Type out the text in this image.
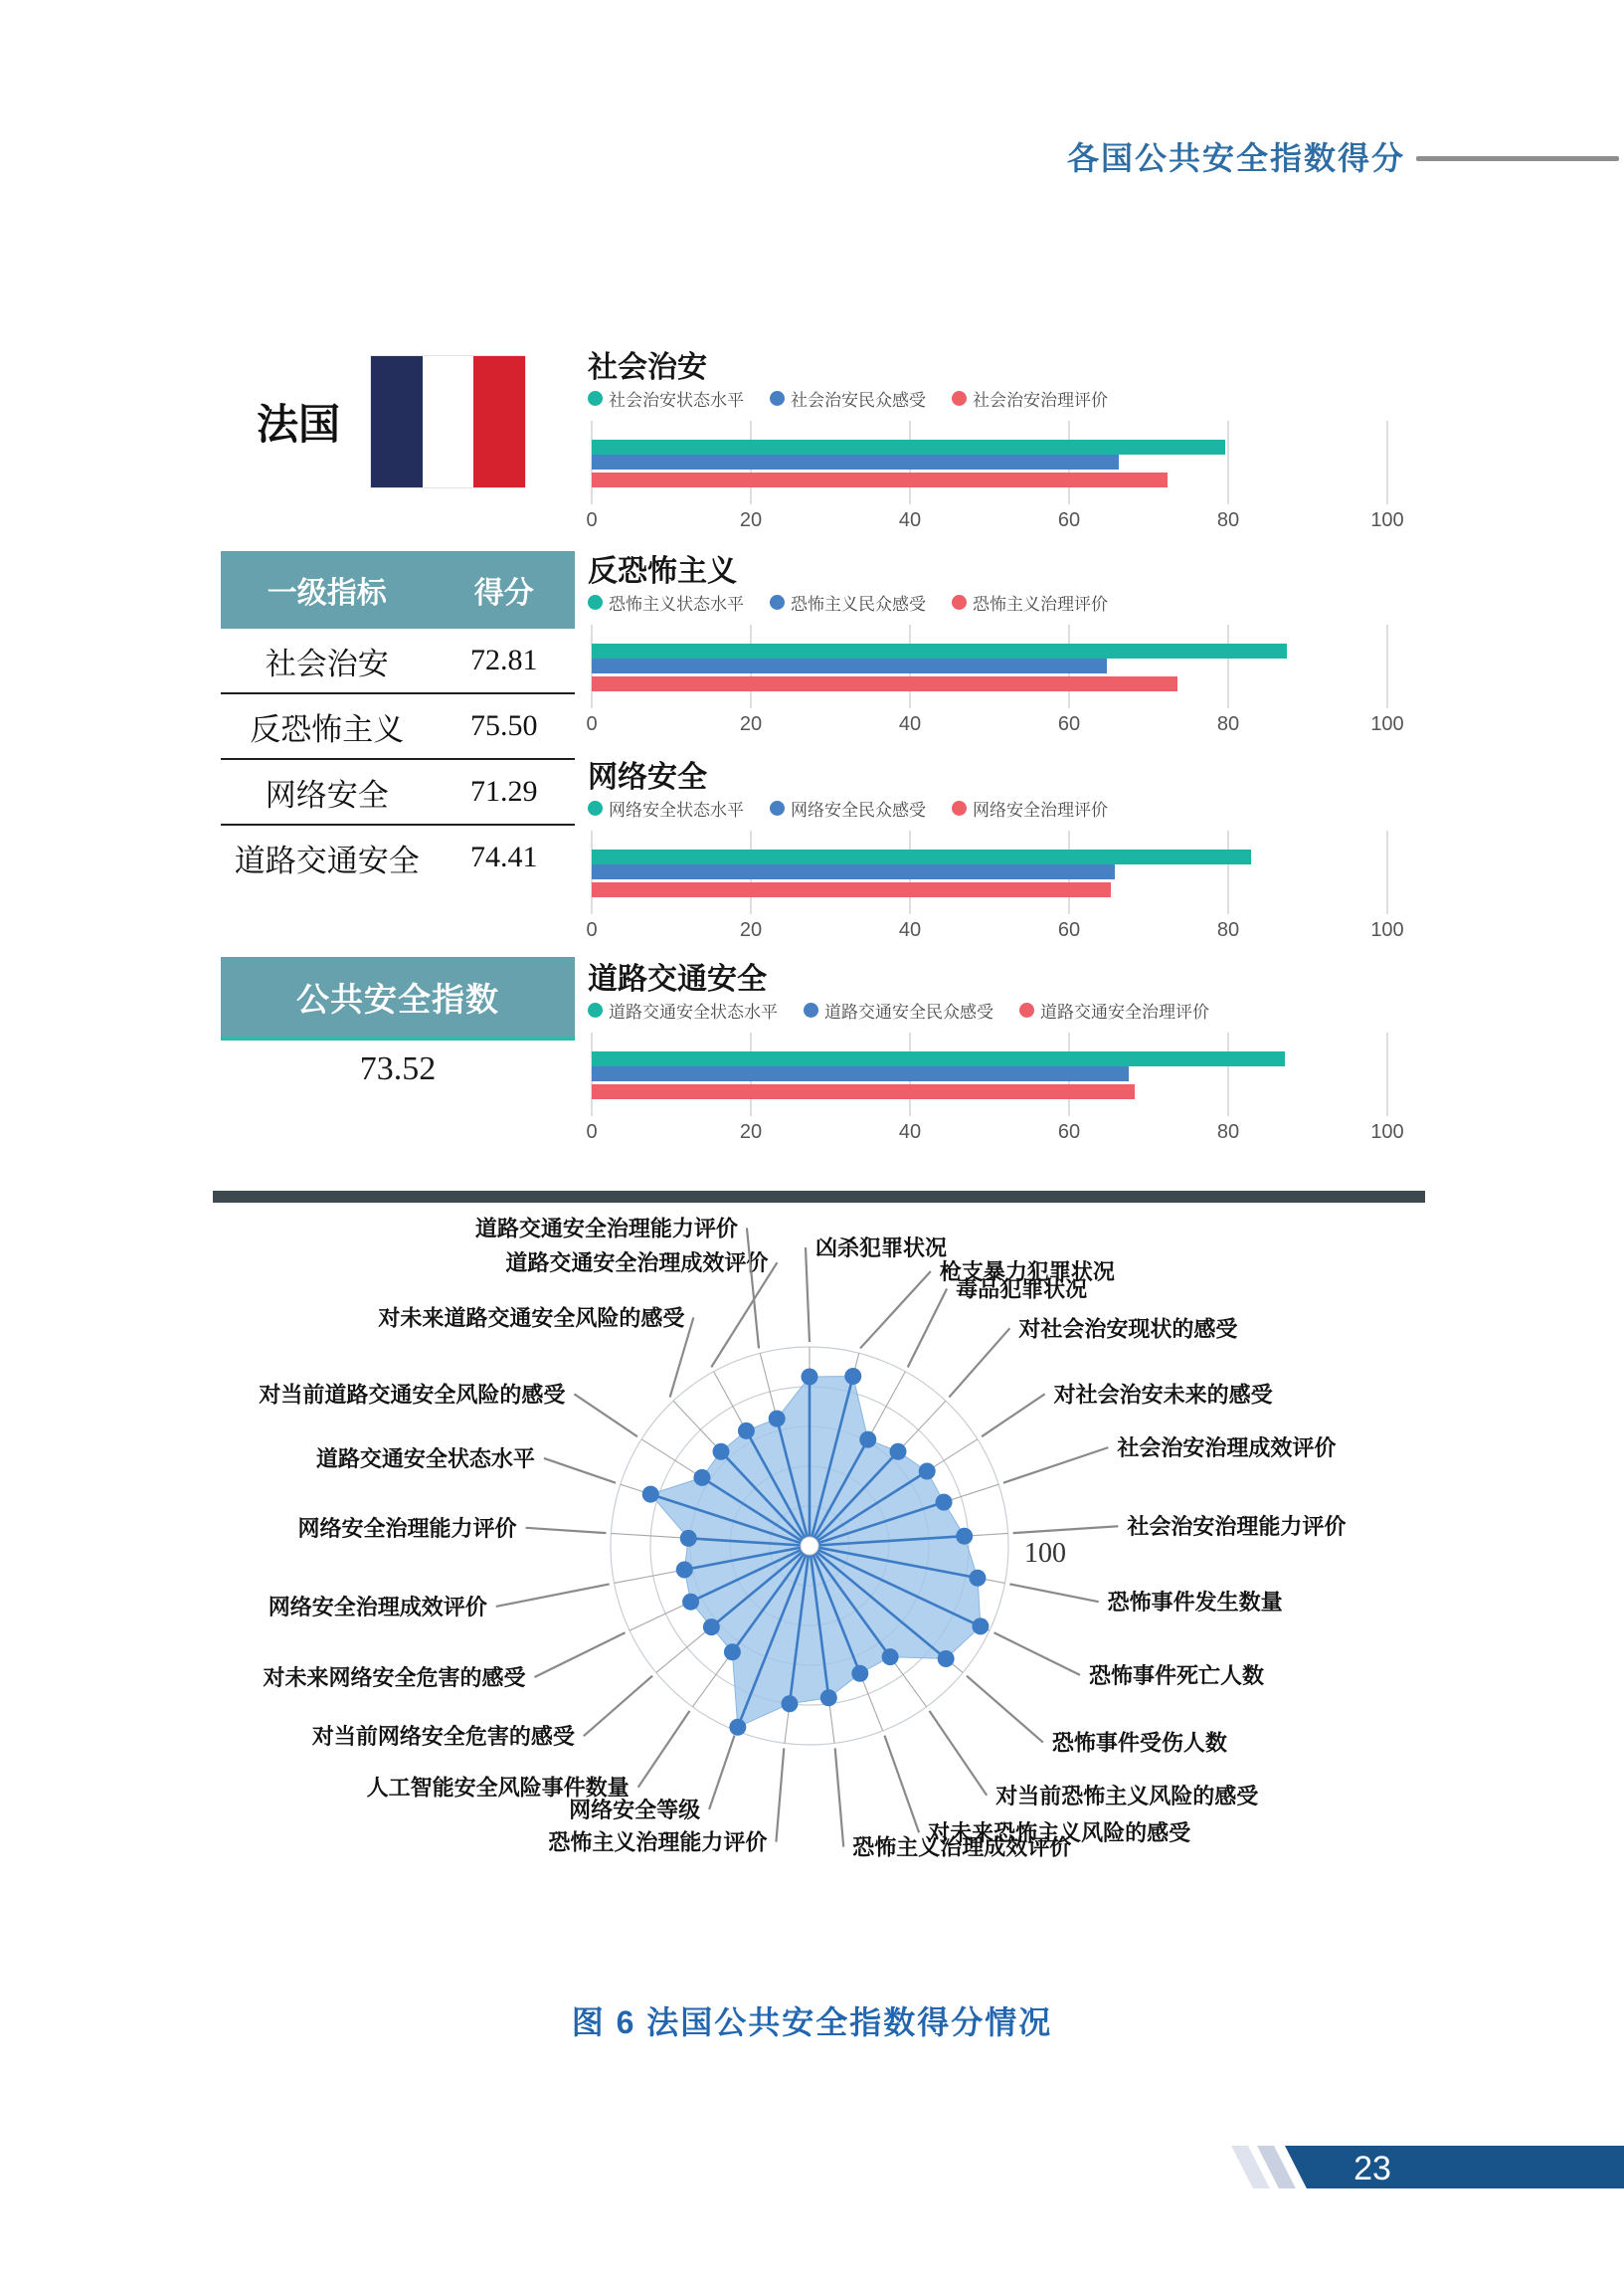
各国公共安全指数得分
法国
一级指标	得分
社会治安	72.81
反恐怖主义	75.50
网络安全	71.29
道路交通安全	74.41
公共安全指数
73.52
社会治安
社会治安状态水平	社会治安民众感受	社会治安治理评价
0	20	40	60	80	100
反恐怖主义
恐怖主义状态水平	恐怖主义民众感受	恐怖主义治理评价
0	20	40	60	80	100
网络安全
网络安全状态水平	网络安全民众感受	网络安全治理评价
0	20	40	60	80	100
道路交通安全
道路交通安全状态水平	道路交通安全民众感受	道路交通安全治理评价
0	20	40	60	80	100
凶杀犯罪状况
枪支暴力犯罪状况
毒品犯罪状况
对社会治安现状的感受
对社会治安未来的感受
社会治安治理成效评价
社会治安治理能力评价
恐怖事件发生数量
恐怖事件死亡人数
恐怖事件受伤人数
对当前恐怖主义风险的感受
对未来恐怖主义风险的感受
恐怖主义治理成效评价
恐怖主义治理能力评价
网络安全等级
人工智能安全风险事件数量
对当前网络安全危害的感受
对未来网络安全危害的感受
网络安全治理成效评价
网络安全治理能力评价
道路交通安全状态水平
对当前道路交通安全风险的感受
对未来道路交通安全风险的感受
道路交通安全治理成效评价
道路交通安全治理能力评价
100
图 6 法国公共安全指数得分情况
23
